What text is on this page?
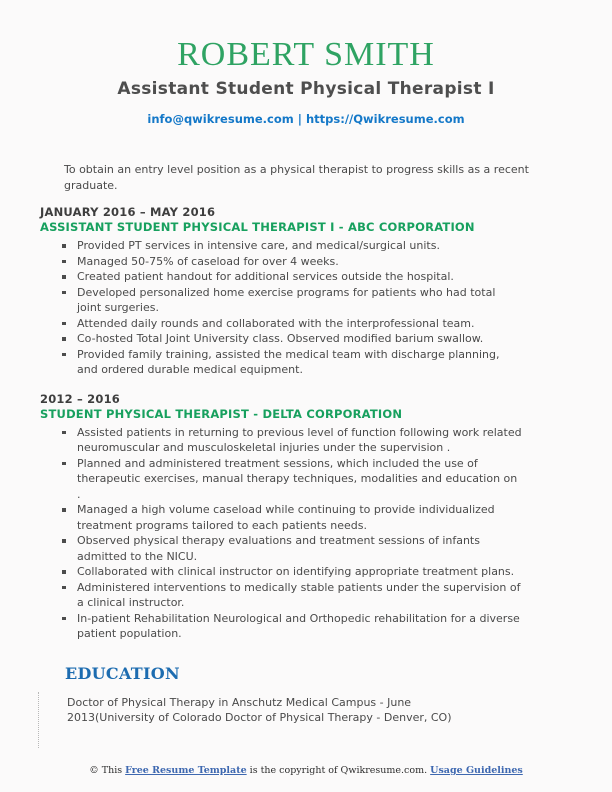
ROBERT SMITH
Assistant Student Physical Therapist I
info@qwikresume.com | https://Qwikresume.com

To obtain an entry level position as a physical therapist to progress skills as a recent graduate.

JANUARY 2016 – MAY 2016
ASSISTANT STUDENT PHYSICAL THERAPIST I - ABC CORPORATION
Provided PT services in intensive care, and medical/surgical units.
Managed 50-75% of caseload for over 4 weeks.
Created patient handout for additional services outside the hospital.
Developed personalized home exercise programs for patients who had total joint surgeries.
Attended daily rounds and collaborated with the interprofessional team.
Co-hosted Total Joint University class. Observed modified barium swallow.
Provided family training, assisted the medical team with discharge planning, and ordered durable medical equipment.
2012 – 2016
STUDENT PHYSICAL THERAPIST - DELTA CORPORATION
Assisted patients in returning to previous level of function following work related neuromuscular and musculoskeletal injuries under the supervision .
Planned and administered treatment sessions, which included the use of therapeutic exercises, manual therapy techniques, modalities and education on .
Managed a high volume caseload while continuing to provide individualized treatment programs tailored to each patients needs.
Observed physical therapy evaluations and treatment sessions of infants admitted to the NICU.
Collaborated with clinical instructor on identifying appropriate treatment plans.
Administered interventions to medically stable patients under the supervision of a clinical instructor.
In-patient Rehabilitation Neurological and Orthopedic rehabilitation for a diverse patient population.
EDUCATION

Doctor of Physical Therapy in Anschutz Medical Campus - June 2013(University of Colorado Doctor of Physical Therapy - Denver, CO)

© This Free Resume Template is the copyright of Qwikresume.com. Usage Guidelines
